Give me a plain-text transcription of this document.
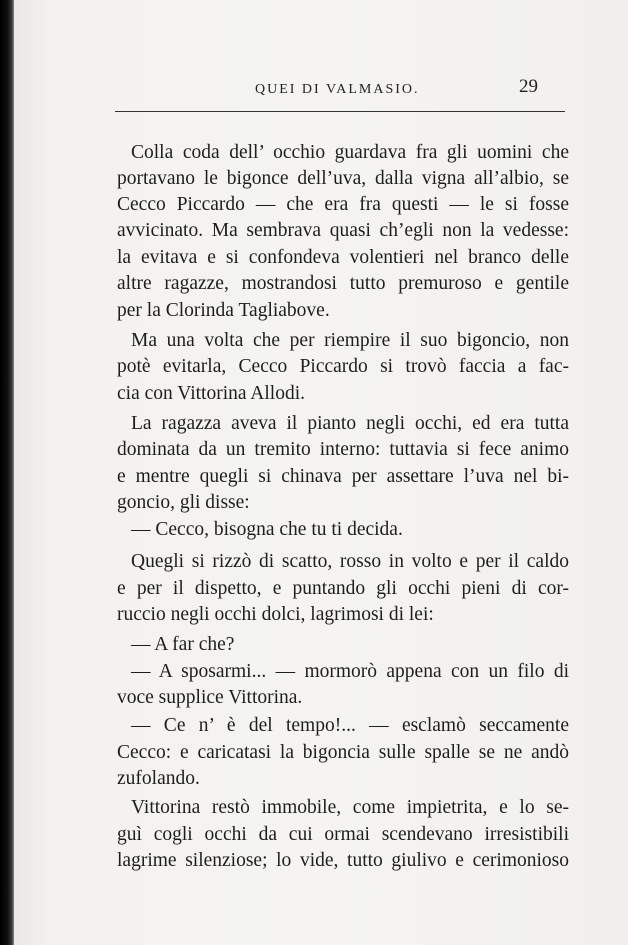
QUEI DI VALMASIO.	29
Colla coda dell’ occhio guardava fra gli uomini che
portavano le bigonce dell’uva, dalla vigna all’albio, se
Cecco Piccardo — che era fra questi — le si fosse
avvicinato. Ma sembrava quasi ch’egli non la vedesse:
la evitava e si confondeva volentieri nel branco delle
altre ragazze, mostrandosi tutto premuroso e gentile
per la Clorinda Tagliabove.
Ma una volta che per riempire il suo bigoncio, non
potè evitarla, Cecco Piccardo si trovò faccia a fac-
cia con Vittorina Allodi.
La ragazza aveva il pianto negli occhi, ed era tutta
dominata da un tremito interno: tuttavia si fece animo
e mentre quegli si chinava per assettare l’uva nel bi-
goncio, gli disse:
— Cecco, bisogna che tu ti decida.
Quegli si rizzò di scatto, rosso in volto e per il caldo
e per il dispetto, e puntando gli occhi pieni di cor-
ruccio negli occhi dolci, lagrimosi di lei:
— A far che?
— A sposarmi... — mormorò appena con un filo di
voce supplice Vittorina.
— Ce n’ è del tempo!... — esclamò seccamente
Cecco: e caricatasi la bigoncia sulle spalle se ne andò
zufolando.
Vittorina restò immobile, come impietrita, e lo se-
guì cogli occhi da cui ormai scendevano irresistibili
lagrime silenziose; lo vide, tutto giulivo e cerimonioso
